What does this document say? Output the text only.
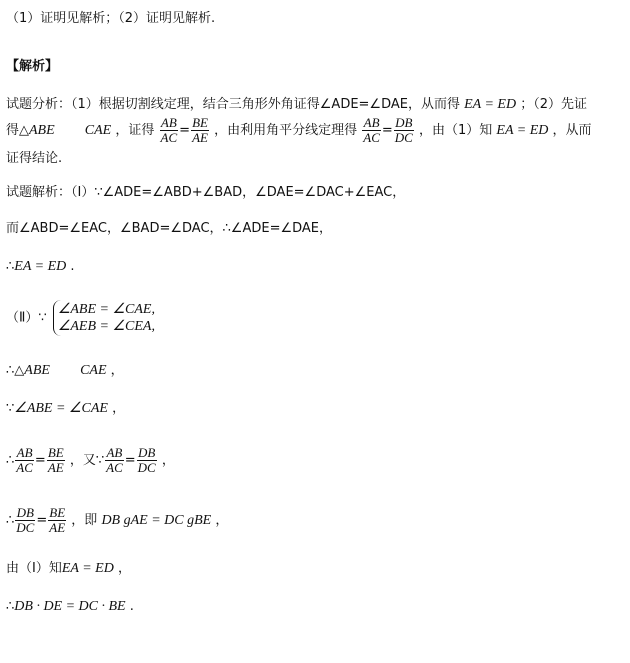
（1）证明见解析；（2）证明见解析.
【解析】
试题分析：（1）根据切割线定理，结合三角形外角证得∠ADE=∠DAE，从而得 EA = ED ；（2）先证
得△ABE CAE ，证得 $\frac{AB}{AC} = \frac{BE}{AE}$ ，由利用角平分线定理得 $\frac{AB}{AC} = \frac{DB}{DC}$ ，由（1）知 EA = ED ，从而
证得结论.
试题解析：（Ⅰ）∵∠ADE=∠ABD+∠BAD，∠DAE=∠DAC+∠EAC，
而∠ABD=∠EAC，∠BAD=∠DAC，∴∠ADE=∠DAE，
∴EA = ED .
（Ⅱ）∵
∠ABE = ∠CAE,
∠AEB = ∠CEA,
∴△ABE CAE ，
∵∠ABE = ∠CAE ，
∴ $\frac{AB}{AC} = \frac{BE}{AE}$ ，又∵ $\frac{AB}{AC} = \frac{DB}{DC}$ ，
∴ $\frac{DB}{DC} = \frac{BE}{AE}$ ，即 DB gAE = DC gBE ，
由（Ⅰ）知EA = ED ，
∴DB · DE = DC · BE .
